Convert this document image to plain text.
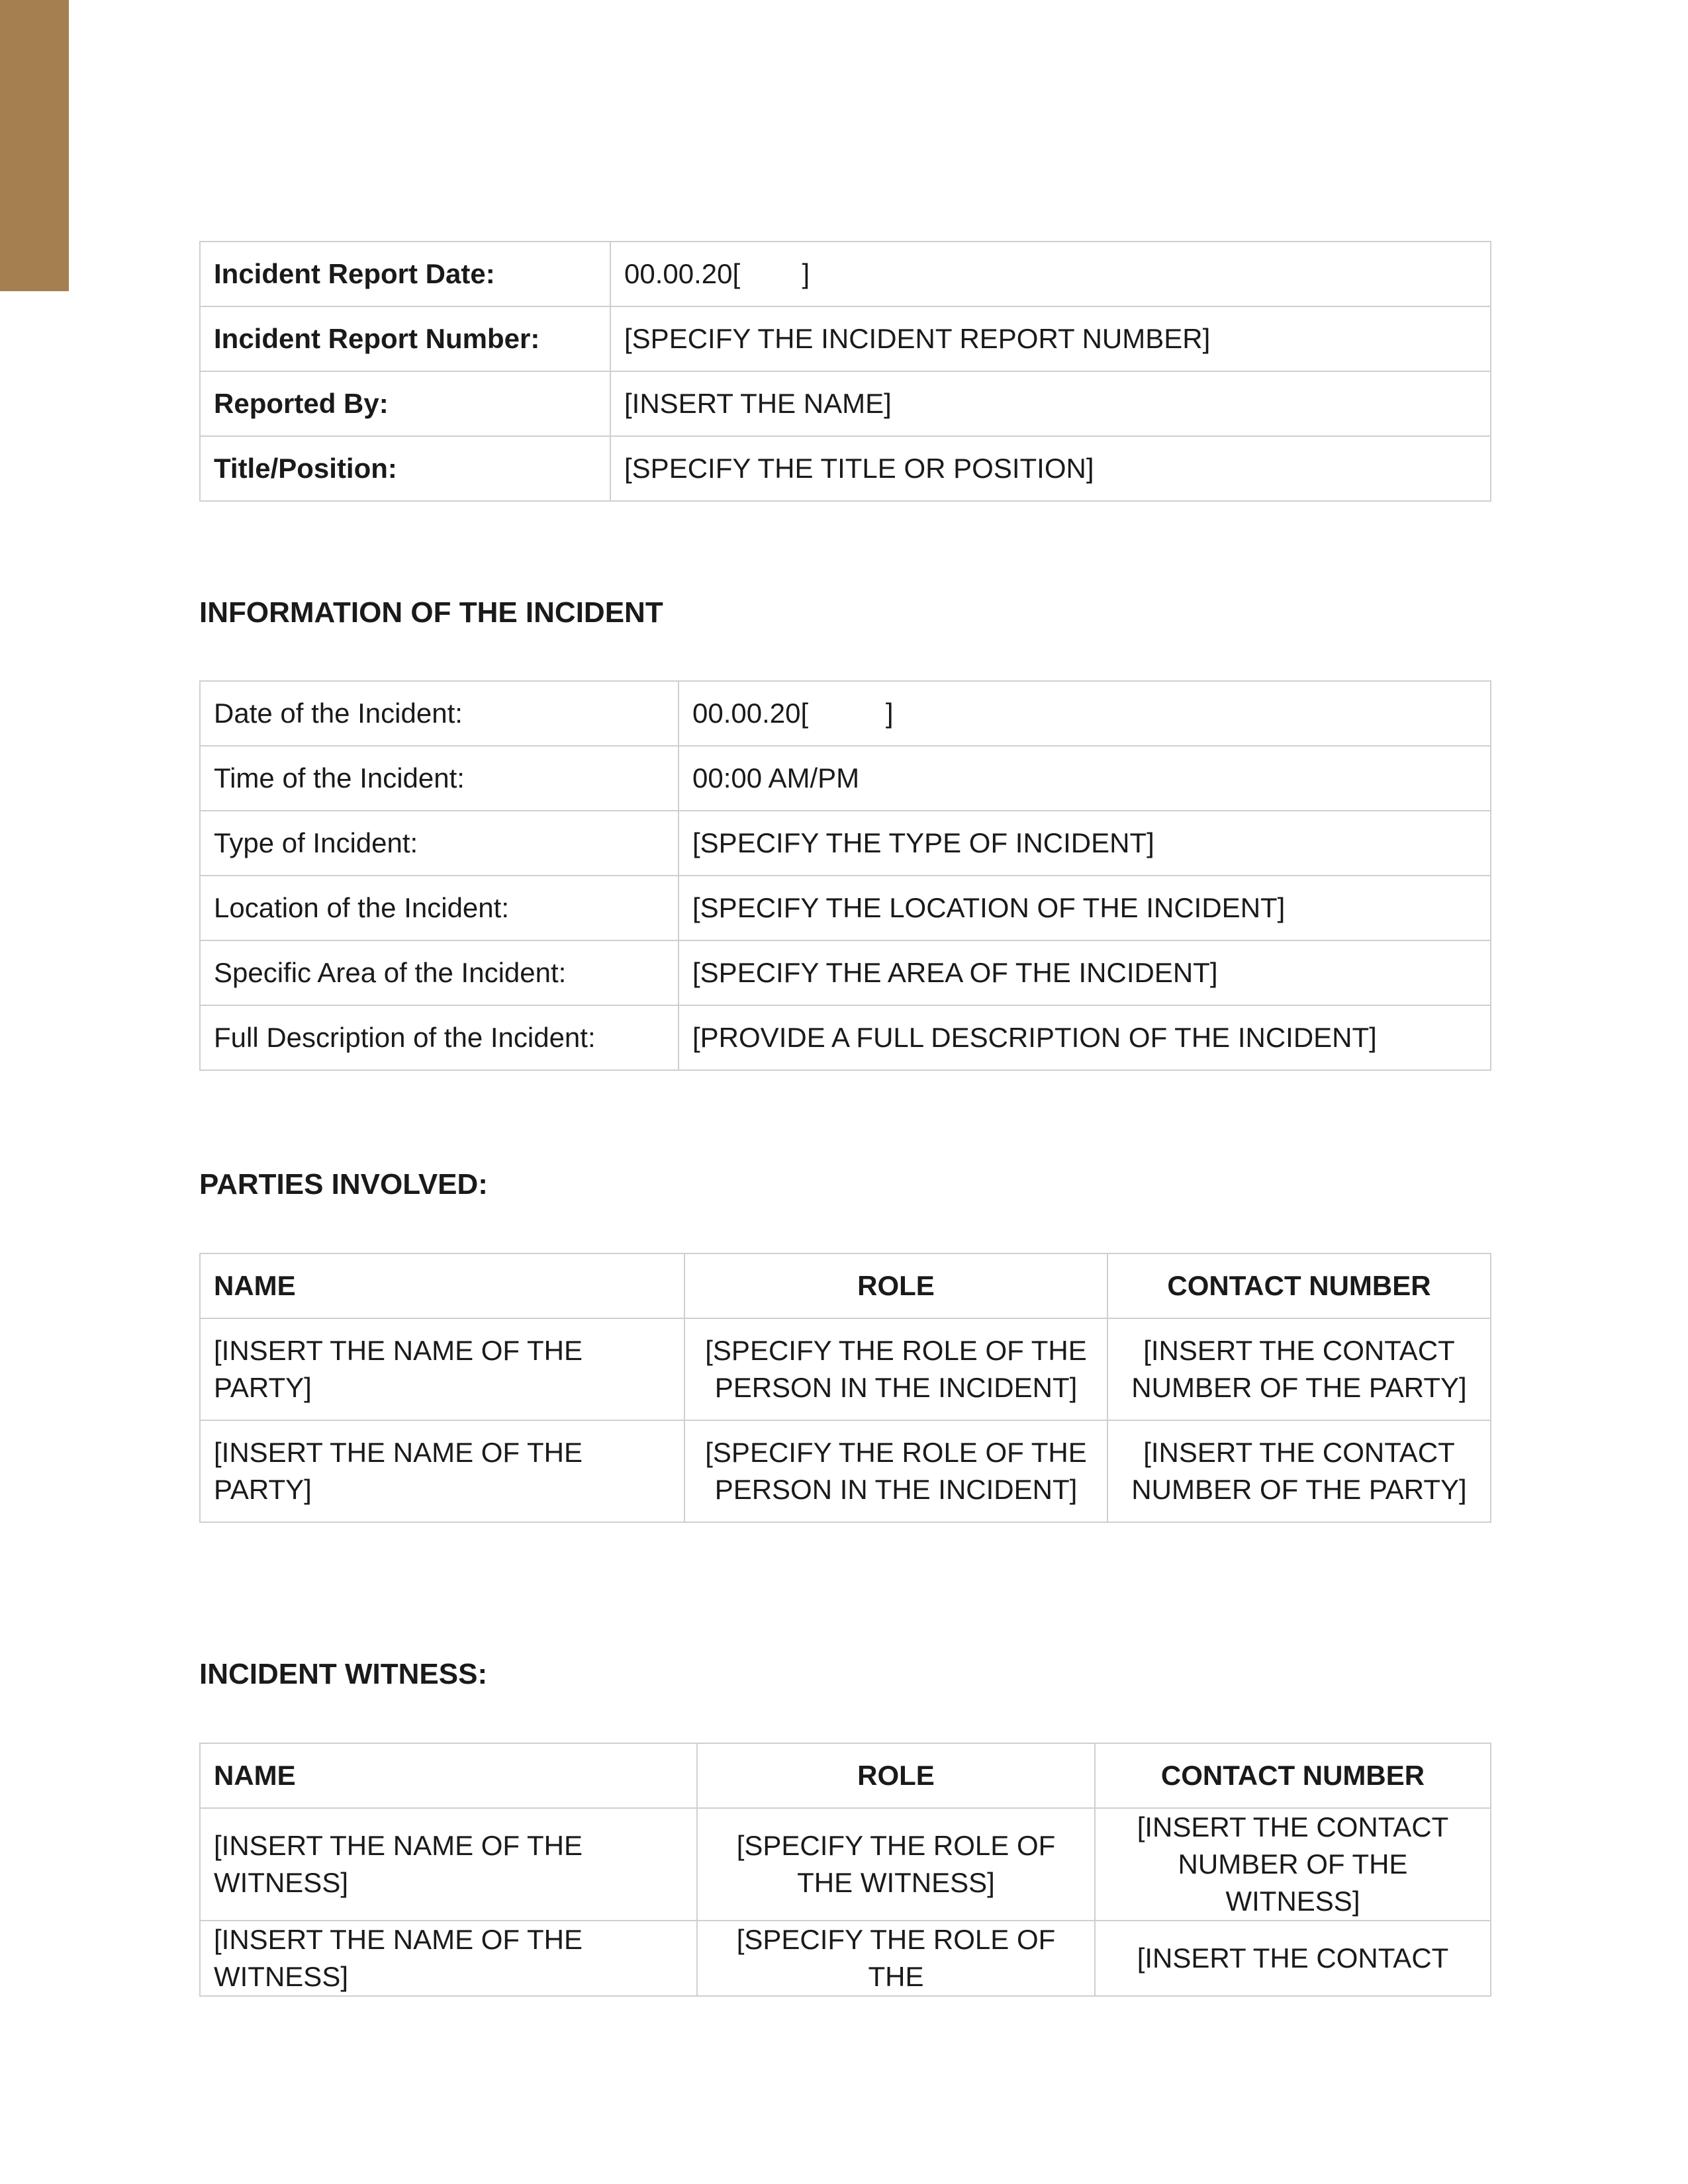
Incident Report Date:	00.00.20[        ]
Incident Report Number:	[SPECIFY THE INCIDENT REPORT NUMBER]
Reported By:	[INSERT THE NAME]
Title/Position:	[SPECIFY THE TITLE OR POSITION]
INFORMATION OF THE INCIDENT
Date of the Incident:	00.00.20[          ]
Time of the Incident:	00:00 AM/PM
Type of Incident:	[SPECIFY THE TYPE OF INCIDENT]
Location of the Incident:	[SPECIFY THE LOCATION OF THE INCIDENT]
Specific Area of the Incident:	[SPECIFY THE AREA OF THE INCIDENT]
Full Description of the Incident:	[PROVIDE A FULL DESCRIPTION OF THE INCIDENT]
PARTIES INVOLVED:
NAME	ROLE	CONTACT NUMBER
[INSERT THE NAME OF THE PARTY]	[SPECIFY THE ROLE OF THE PERSON IN THE INCIDENT]	[INSERT THE CONTACT NUMBER OF THE PARTY]
[INSERT THE NAME OF THE PARTY]	[SPECIFY THE ROLE OF THE PERSON IN THE INCIDENT]	[INSERT THE CONTACT NUMBER OF THE PARTY]
INCIDENT WITNESS:
NAME	ROLE	CONTACT NUMBER
[INSERT THE NAME OF THE WITNESS]	[SPECIFY THE ROLE OF THE WITNESS]	[INSERT THE CONTACT NUMBER OF THE WITNESS]
[INSERT THE NAME OF THE WITNESS]	[SPECIFY THE ROLE OF THE	[INSERT THE CONTACT
